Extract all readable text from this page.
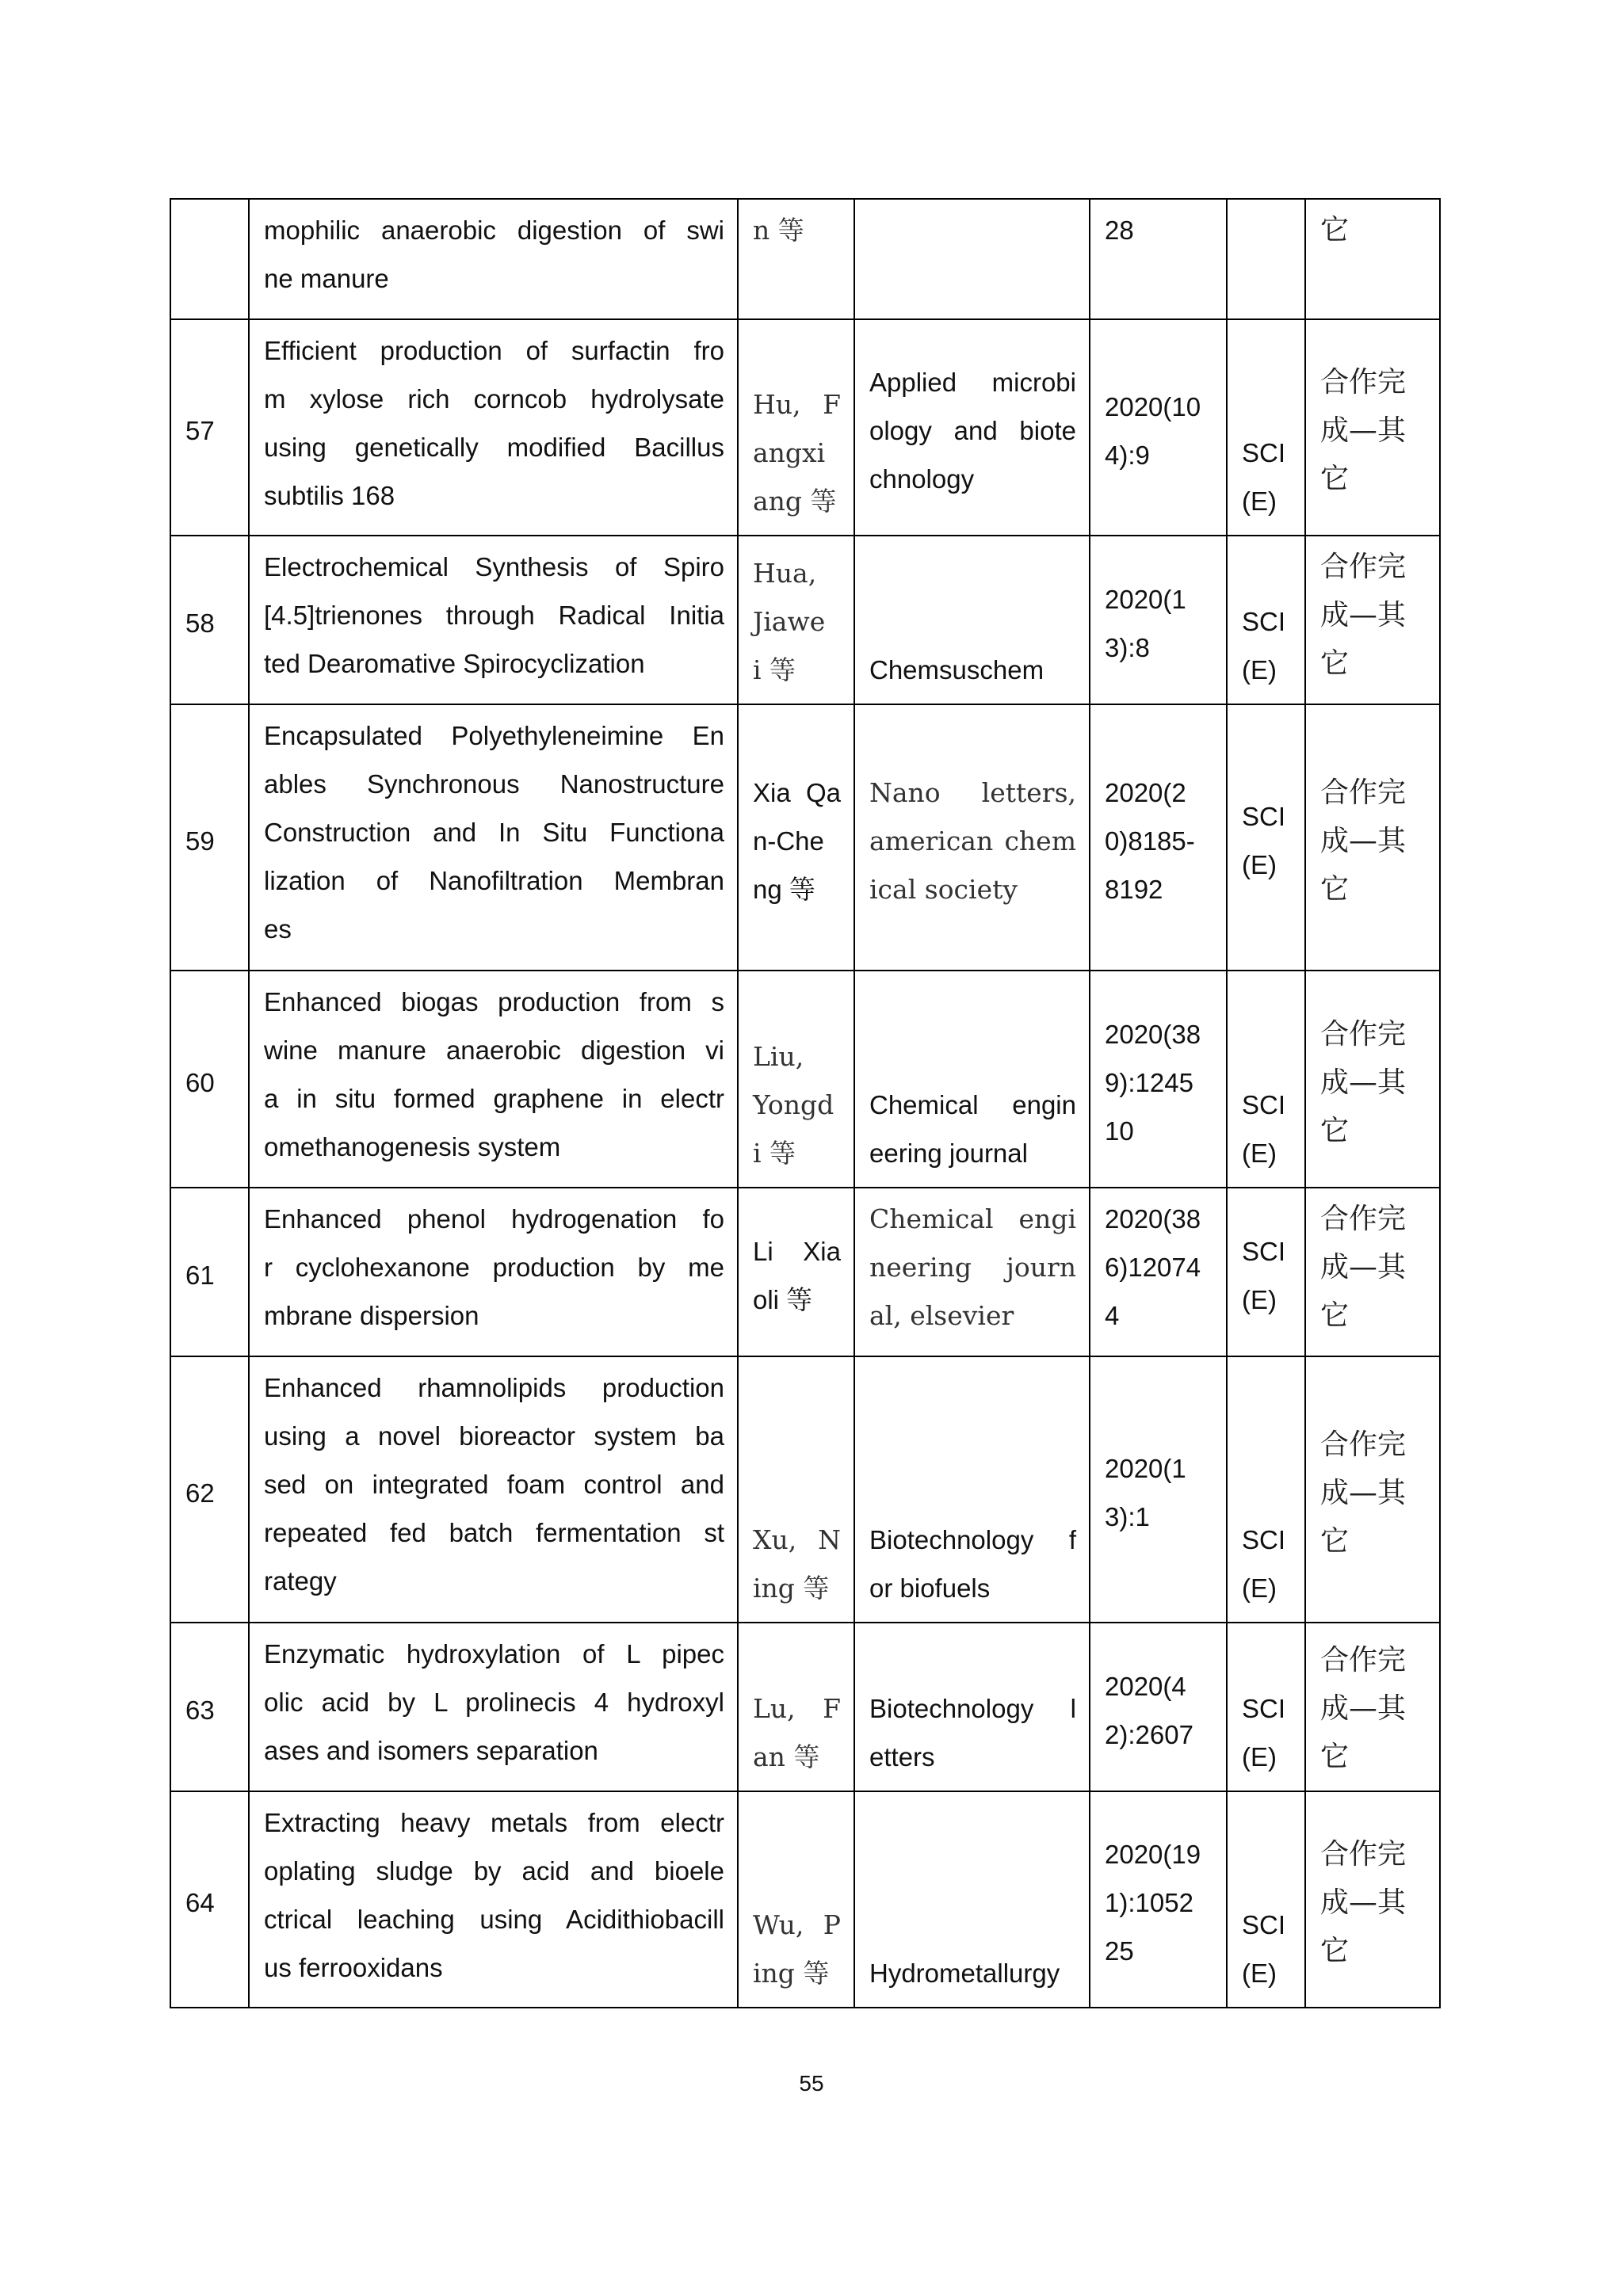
	mophilic anaerobic digestion of swi
ne manure	n 等		28		它

57	Efficient production of surfactin fro
m xylose rich corncob hydrolysate
using genetically modified Bacillus
subtilis 168	Hu, F
angxi
ang 等	Applied microbi
ology and biote
chnology	2020(10
4):9	SCI
(E)	合作完
成—其
它

58	Electrochemical Synthesis of Spiro
[4.5]trienones through Radical Initia
ted Dearomative Spirocyclization	Hua,
Jiawe
i 等	Chemsuschem	2020(1
3):8	SCI
(E)	合作完
成—其
它

59	Encapsulated Polyethyleneimine En
ables Synchronous Nanostructure
Construction and In Situ Functiona
lization of Nanofiltration Membran
es	Xia Qa
n-Che
ng 等	Nano letters,
american chem
ical society	2020(2
0)8185-
8192	SCI
(E)	合作完
成—其
它

60	Enhanced biogas production from s
wine manure anaerobic digestion vi
a in situ formed graphene in electr
omethanogenesis system	Liu,
Yongd
i 等	Chemical engin
eering journal	2020(38
9):1245
10	SCI
(E)	合作完
成—其
它

61	Enhanced phenol hydrogenation fo
r cyclohexanone production by me
mbrane dispersion	Li Xia
oli 等	Chemical engi
neering journ
al, elsevier	2020(38
6)12074
4	SCI
(E)	合作完
成—其
它

62	Enhanced rhamnolipids production
using a novel bioreactor system ba
sed on integrated foam control and
repeated fed batch fermentation st
rategy	Xu, N
ing 等	Biotechnology f
or biofuels	2020(1
3):1	SCI
(E)	合作完
成—其
它

63	Enzymatic hydroxylation of L pipec
olic acid by L prolinecis 4 hydroxyl
ases and isomers separation	Lu, F
an 等	Biotechnology l
etters	2020(4
2):2607	SCI
(E)	合作完
成—其
它

64	Extracting heavy metals from electr
oplating sludge by acid and bioele
ctrical leaching using Acidithiobacill
us ferrooxidans	Wu, P
ing 等	Hydrometallurgy	2020(19
1):1052
25	SCI
(E)	合作完
成—其
它
55
